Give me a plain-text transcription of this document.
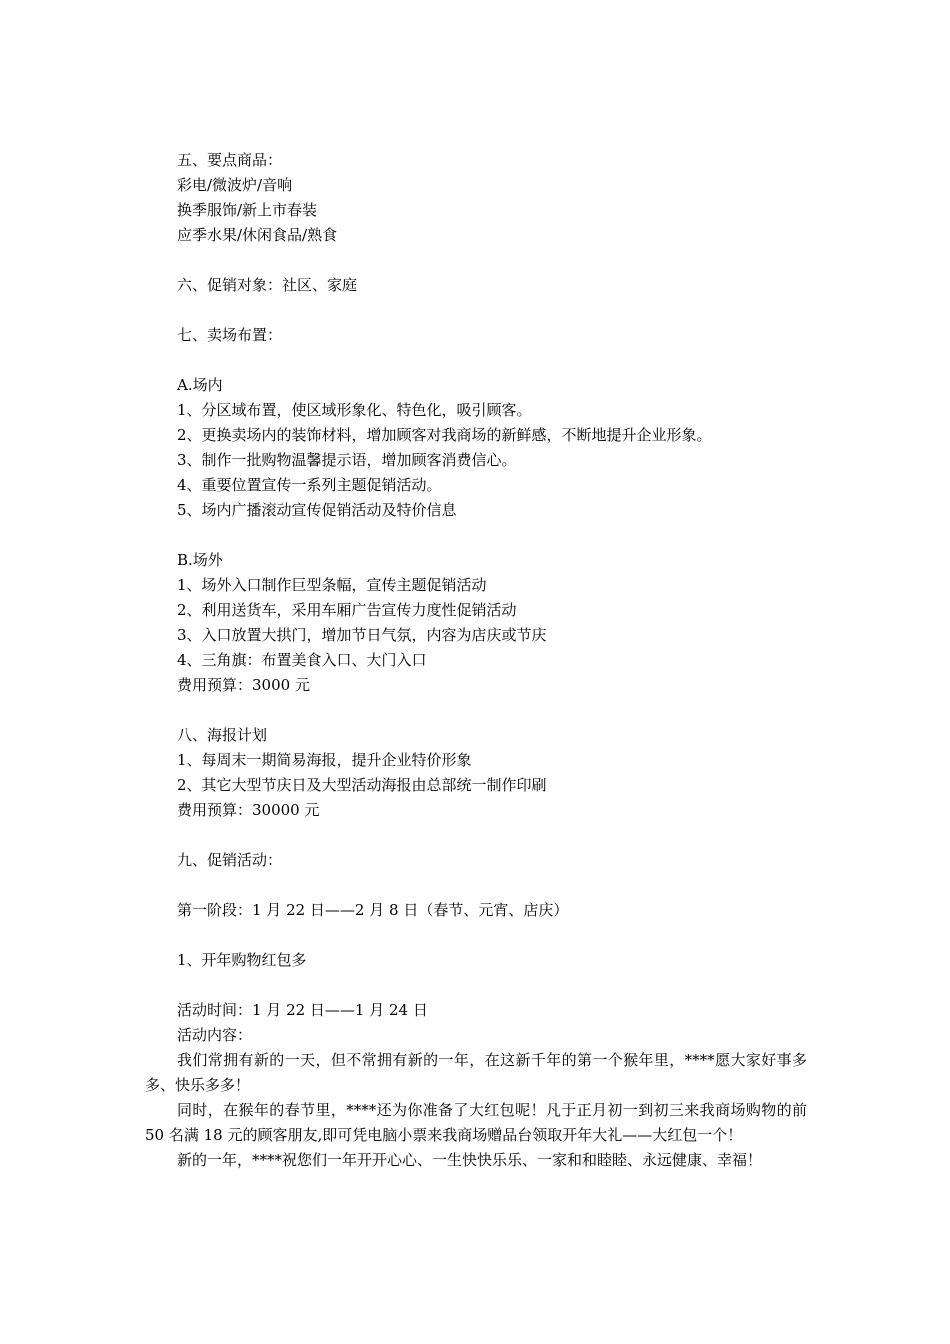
五、要点商品：
彩电/微波炉/音响
换季服饰/新上市春装
应季水果/休闲食品/熟食
六、促销对象：社区、家庭
七、卖场布置：
A.场内
1、分区域布置，使区域形象化、特色化，吸引顾客。
2、更换卖场内的装饰材料，增加顾客对我商场的新鲜感，不断地提升企业形象。
3、制作一批购物温馨提示语，增加顾客消费信心。
4、重要位置宣传一系列主题促销活动。
5、场内广播滚动宣传促销活动及特价信息
B.场外
1、场外入口制作巨型条幅，宣传主题促销活动
2、利用送货车，采用车厢广告宣传力度性促销活动
3、入口放置大拱门，增加节日气氛，内容为店庆或节庆
4、三角旗：布置美食入口、大门入口
费用预算：3000 元
八、海报计划
1、每周末一期简易海报，提升企业特价形象
2、其它大型节庆日及大型活动海报由总部统一制作印刷
费用预算：30000 元
九、促销活动：
第一阶段：1 月 22 日——2 月 8 日（春节、元宵、店庆）
1、开年购物红包多
活动时间：1 月 22 日——1 月 24 日
活动内容：
我们常拥有新的一天，但不常拥有新的一年，在这新千年的第一个猴年里，****愿大家好事多多、快乐多多！
同时，在猴年的春节里，****还为你准备了大红包呢！凡于正月初一到初三来我商场购物的前 50 名满 18 元的顾客朋友,即可凭电脑小票来我商场赠品台领取开年大礼——大红包一个！
新的一年，****祝您们一年开开心心、一生快快乐乐、一家和和睦睦、永远健康、幸福！
